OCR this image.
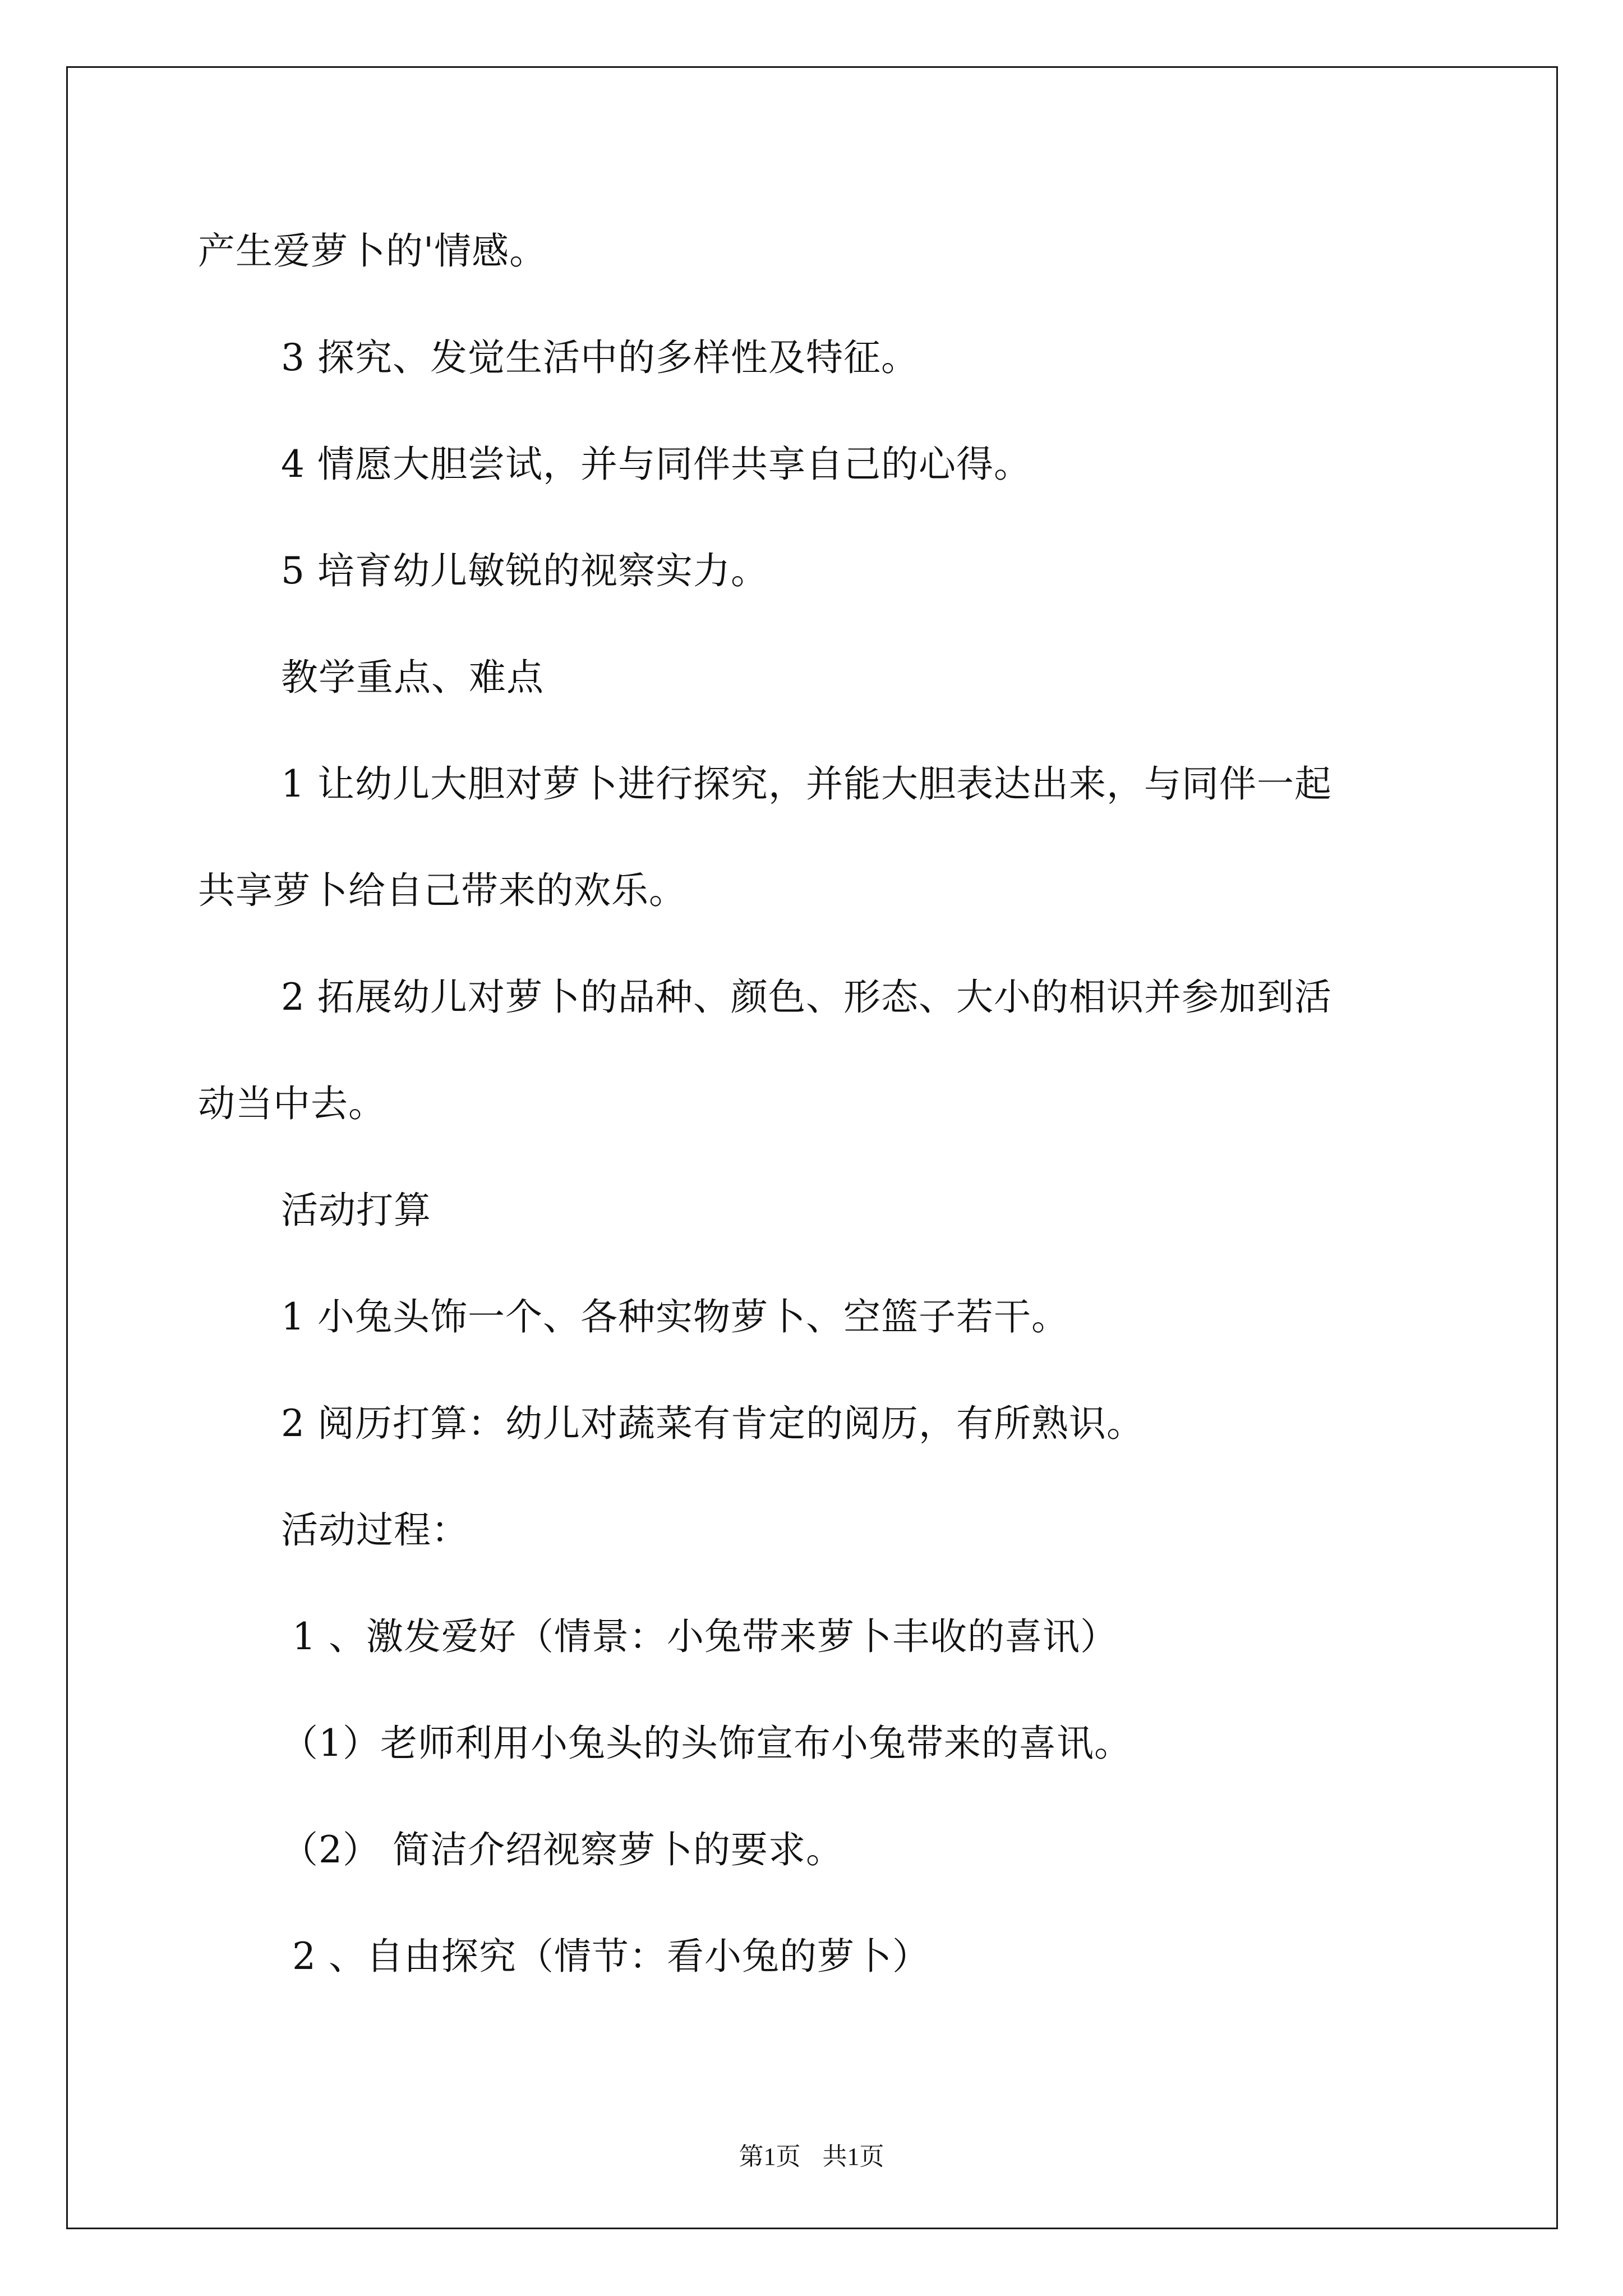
产生爱萝卜的'情感。
3 探究、发觉生活中的多样性及特征。
4 情愿大胆尝试，并与同伴共享自己的心得。
5 培育幼儿敏锐的视察实力。
教学重点、难点
1 让幼儿大胆对萝卜进行探究，并能大胆表达出来，与同伴一起
共享萝卜给自己带来的欢乐。
2 拓展幼儿对萝卜的品种、颜色、形态、大小的相识并参加到活
动当中去。
活动打算
1 小兔头饰一个、各种实物萝卜、空篮子若干。
2 阅历打算：幼儿对蔬菜有肯定的阅历，有所熟识。
活动过程：
1 、激发爱好（情景：小兔带来萝卜丰收的喜讯）
（1）老师利用小兔头的头饰宣布小兔带来的喜讯。
（2） 简洁介绍视察萝卜的要求。
2 、自由探究（情节：看小兔的萝卜）
第1页 共1页
